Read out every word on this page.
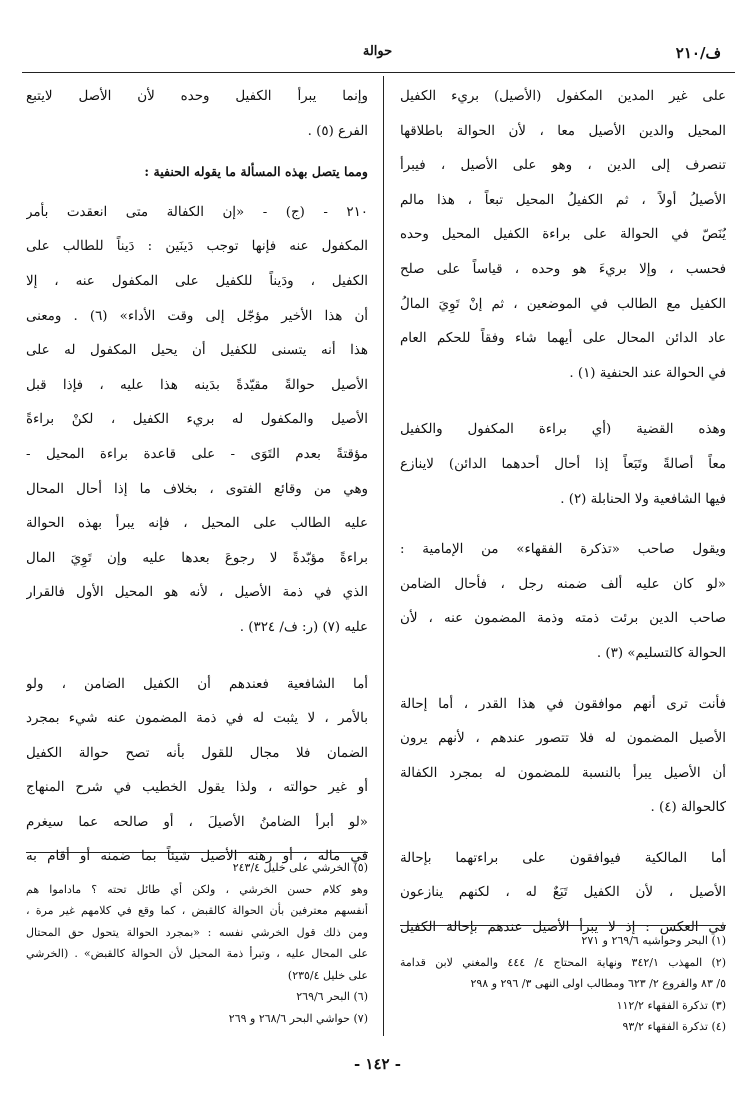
ف/٢١٠
حوالة
على غير المدين المكفول (الأصيل) بريء الكفيل
المحيل والدين الأصيل معا ، لأن الحوالة باطلاقها
تنصرف إلى الدين ، وهو على الأصيل ، فيبرأ
الأصيلُ أولاً ، ثم الكفيلُ المحيل تبعاً ، هذا مالم
يُنَصّ في الحوالة على براءة الكفيل المحيل وحده
فحسب ، وإلا بريءَ هو وحده ، قياساً على صلح
الكفيل مع الطالب في الموضعين ، ثم إنْ تَوِيَ المالُ
عاد الدائن المحال على أيهما شاء وفقاً للحكم العام
في الحوالة عند الحنفية (١) .
وهذه القضية (أي براءة المكفول والكفيل
معاً أصالةً وتَبَعاً إذا أحال أحدهما الدائن) لاينازع
فيها الشافعية ولا الحنابلة (٢) .
ويقول صاحب «تذكرة الفقهاء» من الإمامية :
«لو كان عليه ألف ضمنه رجل ، فأحال الضامن
صاحب الدين برئت ذمته وذمة المضمون عنه ، لأن
الحوالة كالتسليم» (٣) .
فأنت ترى أنهم موافقون في هذا القدر ، أما إحالة
الأصيل المضمون له فلا تتصور عندهم ، لأنهم يرون
أن الأصيل يبرأ بالنسبة للمضمون له بمجرد الكفالة
كالحوالة (٤) .
أما المالكية فيوافقون على براءتهما بإحالة
الأصيل ، لأن الكفيل تَبَعٌ له ، لكنهم ينازعون
في العكس : إذ لا يبرأ الأصيل عندهم بإحالة الكفيل
(١) البحر وحواشيه ٢٦٩/٦ و ٢٧١
(٢) المهذب ٣٤٢/١ ونهاية المحتاج ٤/ ٤٤٤ والمغني لابن قدامة
٥/ ٨٣ والفروع ٢/ ٦٢٣ ومطالب اولى النهى ٣/ ٢٩٦ و ٢٩٨
(٣) تذكرة الفقهاء ١١٢/٢
(٤) تذكرة الفقهاء ٩٣/٢
وإنما يبرأ الكفيل وحده لأن الأصل لايتبع
الفرع (٥) .
ومما يتصل بهذه المسألة ما يقوله الحنفية :
٢١٠ - (ج) - «إن الكفالة متى انعقدت بأمر
المكفول عنه فإنها توجب دَينَين : دَيناً للطالب على
الكفيل ، ودَيناً للكفيل على المكفول عنه ، إلا
أن هذا الأخير مؤجّل إلى وقت الأداء» (٦) . ومعنى
هذا أنه يتسنى للكفيل أن يحيل المكفول له على
الأصيل حوالةً مقيّدةً بدَينه هذا عليه ، فإذا قبل
الأصيل والمكفول له بريء الكفيل ، لكنْ براءةً
مؤقتةً بعدم التَوَى - على قاعدة براءة المحيل -
وهي من وقائع الفتوى ، بخلاف ما إذا أحال المحال
عليه الطالب على المحيل ، فإنه يبرأ بهذه الحوالة
براءةً مؤبّدةً لا رجوعَ بعدها عليه وإن تَوِيَ المال
الذي في ذمة الأصيل ، لأنه هو المحيل الأول فالقرار
عليه (٧) (ر: ف/ ٣٢٤) .
أما الشافعية فعندهم أن الكفيل الضامن ، ولو
بالأمر ، لا يثبت له في ذمة المضمون عنه شيء بمجرد
الضمان فلا مجال للقول بأنه تصح حوالة الكفيل
أو غير حوالته ، ولذا يقول الخطيب في شرح المنهاج
«لو أبرأ الضامنُ الأصيلَ ، أو صالحه عما سيغرم
في ماله ، أو رهنه الأصيل شيئاً بما ضمنه أو أقام به
(٥) الخرشي على خليل ٢٤٣/٤
وهو كلام حسن الخرشي ، ولكن أي طائل تحته ؟ ماداموا هم
أنفسهم معترفين بأن الحوالة كالقبض ، كما وقع في كلامهم غير مرة ،
ومن ذلك قول الخرشي نفسه : «بمجرد الحوالة يتحول حق المحتال
على المحال عليه ، وتبرأ ذمة المحيل لأن الحوالة كالقبض» . (الخرشي
على خليل ٢٣٥/٤)
(٦) البحر ٢٦٩/٦
(٧) حواشي البحر ٢٦٨/٦ و ٢٦٩
- ١٤٢ -
